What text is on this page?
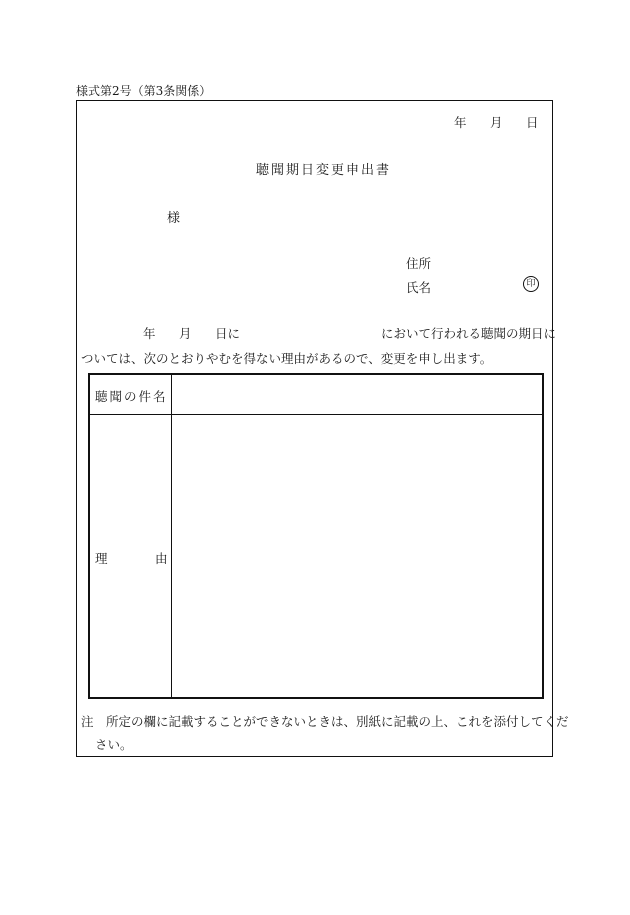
様式第2号（第3条関係）
年 月 日
聴聞期日変更申出書
様
住所
氏名	印
年 月 日に	において行われる聴聞の期日に
ついては、次のとおりやむを得ない理由があるので、変更を申し出ます。
聴聞の件名
理	由
注　所定の欄に記載することができないときは、別紙に記載の上、これを添付してくだ
さい。
